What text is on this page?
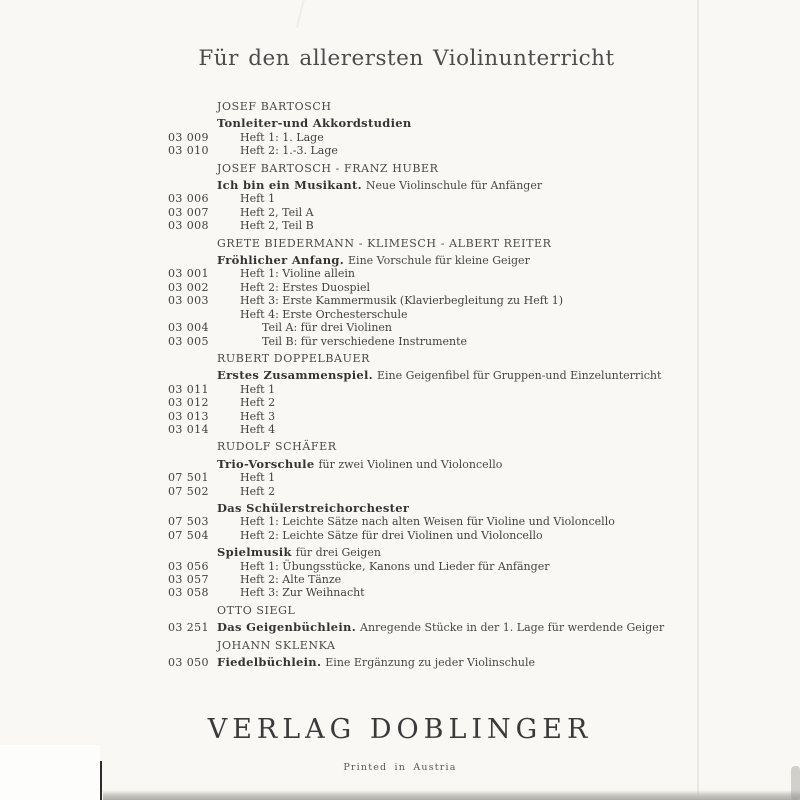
Für den allerersten Violinunterricht
JOSEF BARTOSCH
Tonleiter-und Akkordstudien
03 009	Heft 1: 1. Lage
03 010	Heft 2: 1.-3. Lage
JOSEF BARTOSCH - FRANZ HUBER
Ich bin ein Musikant. Neue Violinschule für Anfänger
03 006	Heft 1
03 007	Heft 2, Teil A
03 008	Heft 2, Teil B
GRETE BIEDERMANN - KLIMESCH - ALBERT REITER
Fröhlicher Anfang. Eine Vorschule für kleine Geiger
03 001	Heft 1: Violine allein
03 002	Heft 2: Erstes Duospiel
03 003	Heft 3: Erste Kammermusik (Klavierbegleitung zu Heft 1)
Heft 4: Erste Orchesterschule
03 004	Teil A: für drei Violinen
03 005	Teil B: für verschiedene Instrumente
RUBERT DOPPELBAUER
Erstes Zusammenspiel. Eine Geigenfibel für Gruppen-und Einzelunterricht
03 011	Heft 1
03 012	Heft 2
03 013	Heft 3
03 014	Heft 4
RUDOLF SCHÄFER
Trio-Vorschule für zwei Violinen und Violoncello
07 501	Heft 1
07 502	Heft 2
Das Schülerstreichorchester
07 503	Heft 1: Leichte Sätze nach alten Weisen für Violine und Violoncello
07 504	Heft 2: Leichte Sätze für drei Violinen und Violoncello
Spielmusik für drei Geigen
03 056	Heft 1: Übungsstücke, Kanons und Lieder für Anfänger
03 057	Heft 2: Alte Tänze
03 058	Heft 3: Zur Weihnacht
OTTO SIEGL
03 251 Das Geigenbüchlein. Anregende Stücke in der 1. Lage für werdende Geiger
JOHANN SKLENKA
03 050 Fiedelbüchlein. Eine Ergänzung zu jeder Violinschule
VERLAG DOBLINGER
Printed in Austria
